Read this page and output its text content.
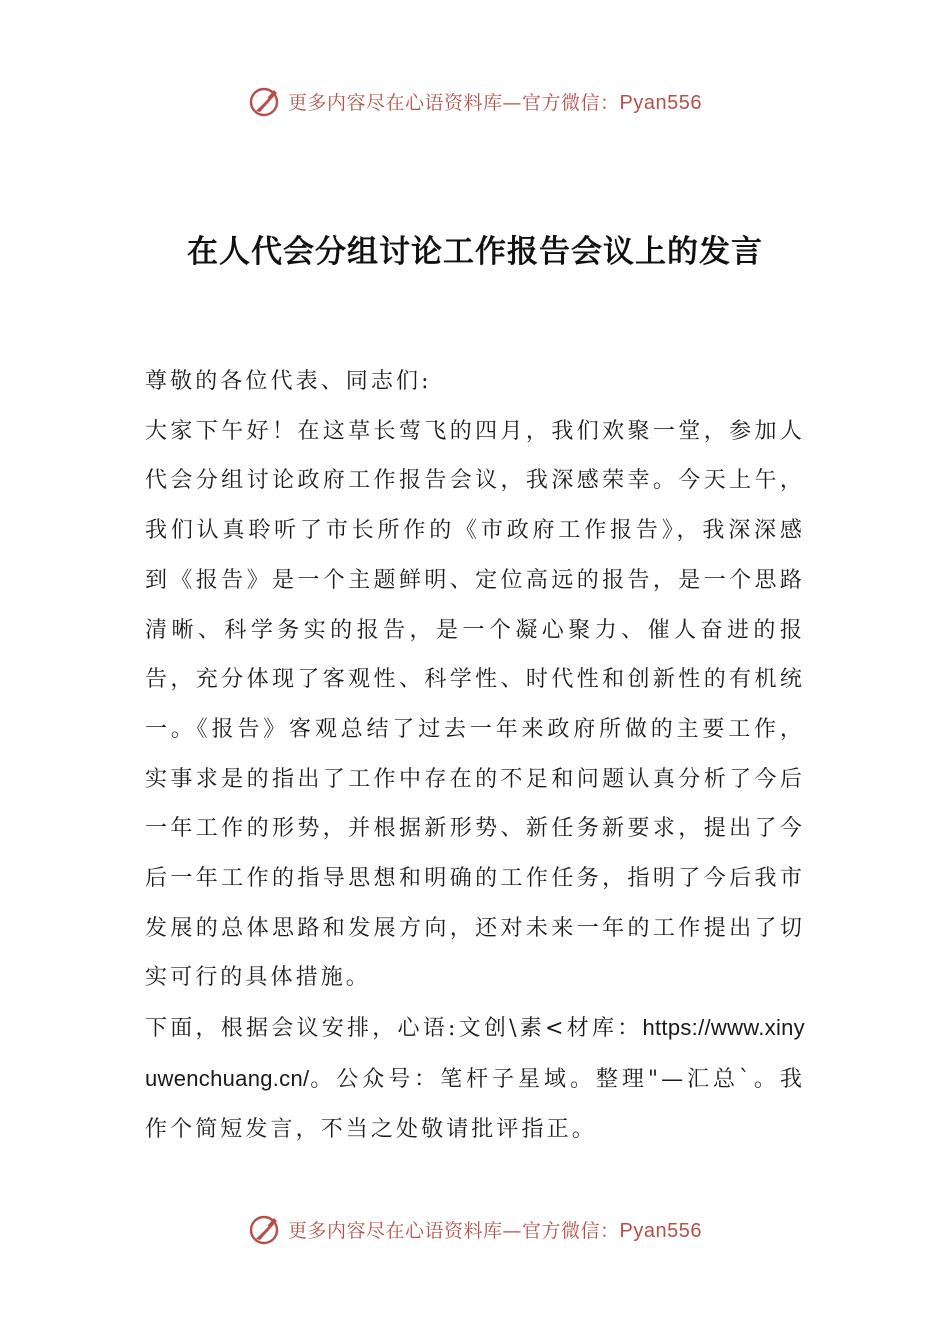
更多内容尽在心语资料库—官方微信：Pyan556
在人代会分组讨论工作报告会议上的发言

尊敬的各位代表、同志们:

大家下午好！在这草长莺飞的四月，我们欢聚一堂，参加人代会分组讨论政府工作报告会议，我深感荣幸。今天上午，我们认真聆听了市长所作的《市政府工作报告》，我深深感到《报告》是一个主题鲜明、定位高远的报告，是一个思路清晰、科学务实的报告，是一个凝心聚力、催人奋进的报告，充分体现了客观性、科学性、时代性和创新性的有机统一。《报告》客观总结了过去一年来政府所做的主要工作，实事求是的指出了工作中存在的不足和问题认真分析了今后一年工作的形势，并根据新形势、新任务新要求，提出了今后一年工作的指导思想和明确的工作任务，指明了今后我市发展的总体思路和发展方向，还对未来一年的工作提出了切实可行的具体措施。

下面，根据会议安排，心语:文创\素<材库：https://www.xinyuwenchuang.cn/。公众号：笔杆子星域。整理"—汇总`。我作个简短发言，不当之处敬请批评指正。

更多内容尽在心语资料库—官方微信：Pyan556
